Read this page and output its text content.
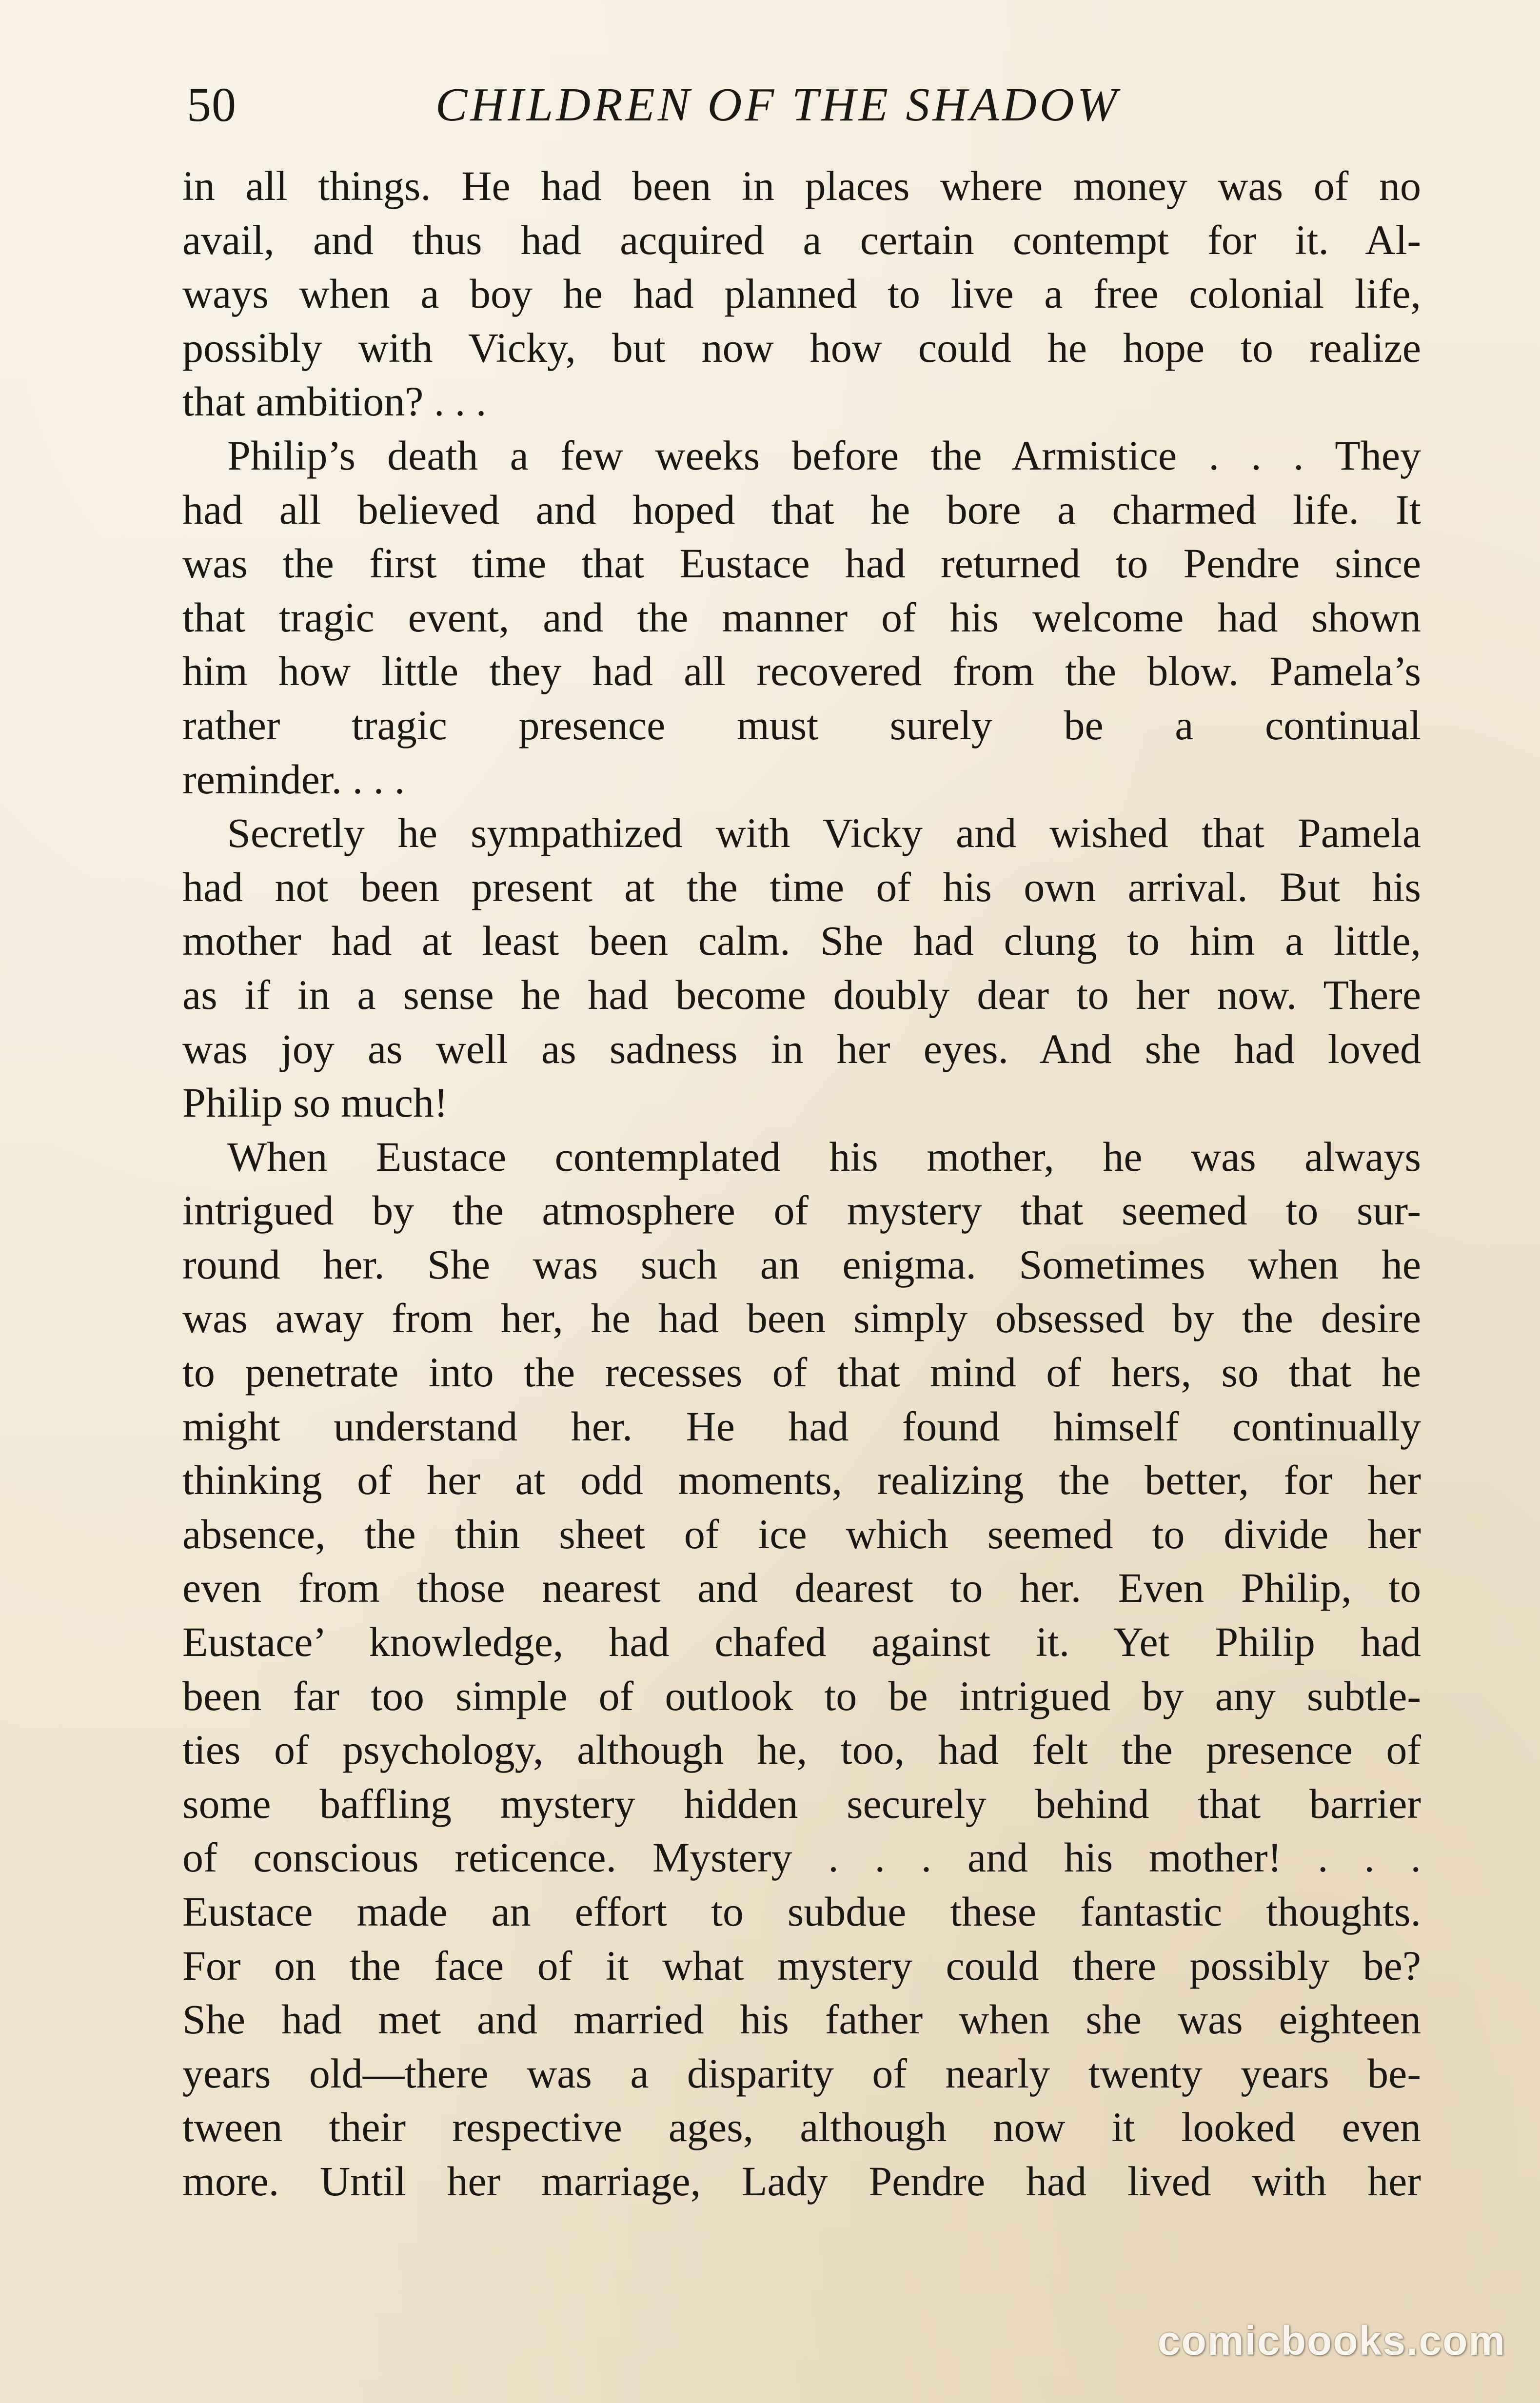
50	CHILDREN OF THE SHADOW
in all things. He had been in places where money was of no
avail, and thus had acquired a certain contempt for it. Al-
ways when a boy he had planned to live a free colonial life,
possibly with Vicky, but now how could he hope to realize
that ambition? . . .
Philip’s death a few weeks before the Armistice . . . They
had all believed and hoped that he bore a charmed life. It
was the first time that Eustace had returned to Pendre since
that tragic event, and the manner of his welcome had shown
him how little they had all recovered from the blow. Pamela’s
rather tragic presence must surely be a continual
reminder. . . .
Secretly he sympathized with Vicky and wished that Pamela
had not been present at the time of his own arrival. But his
mother had at least been calm. She had clung to him a little,
as if in a sense he had become doubly dear to her now. There
was joy as well as sadness in her eyes. And she had loved
Philip so much!
When Eustace contemplated his mother, he was always
intrigued by the atmosphere of mystery that seemed to sur-
round her. She was such an enigma. Sometimes when he
was away from her, he had been simply obsessed by the desire
to penetrate into the recesses of that mind of hers, so that he
might understand her. He had found himself continually
thinking of her at odd moments, realizing the better, for her
absence, the thin sheet of ice which seemed to divide her
even from those nearest and dearest to her. Even Philip, to
Eustace’ knowledge, had chafed against it. Yet Philip had
been far too simple of outlook to be intrigued by any subtle-
ties of psychology, although he, too, had felt the presence of
some baffling mystery hidden securely behind that barrier
of conscious reticence. Mystery . . . and his mother! . . .
Eustace made an effort to subdue these fantastic thoughts.
For on the face of it what mystery could there possibly be?
She had met and married his father when she was eighteen
years old—there was a disparity of nearly twenty years be-
tween their respective ages, although now it looked even
more. Until her marriage, Lady Pendre had lived with her
comicbooks.com
